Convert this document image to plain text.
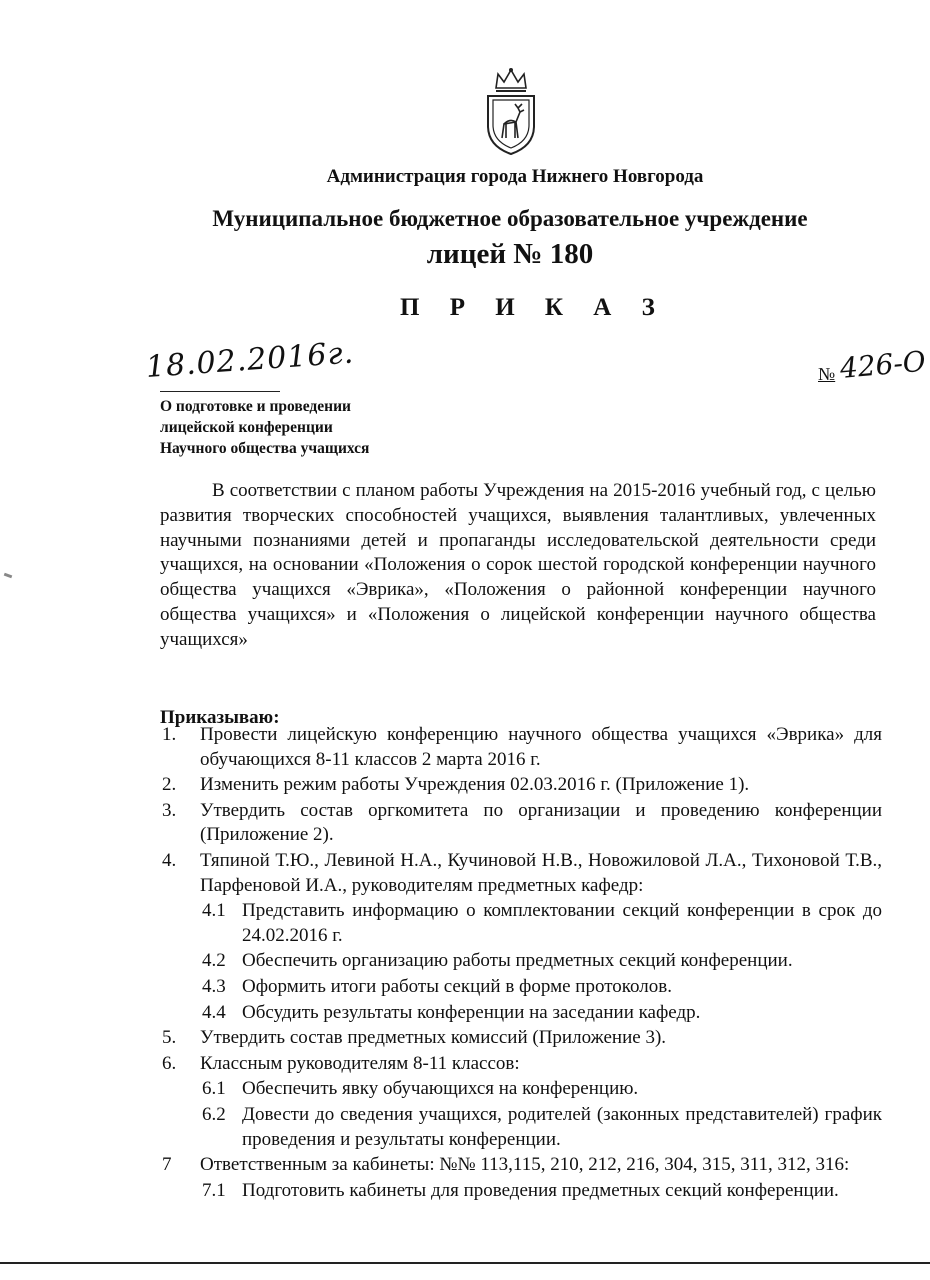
Администрация города Нижнего Новгорода
Муниципальное бюджетное образовательное учреждение
лицей № 180
П Р И К А З
18.02.2016г.	№ 426-О
О подготовке и проведении
лицейской конференции
Научного общества учащихся
В соответствии с планом работы Учреждения на 2015-2016 учебный год, с целью развития творческих способностей учащихся, выявления талантливых, увлеченных научными познаниями детей и пропаганды исследовательской деятельности среди учащихся, на основании «Положения о сорок шестой городской конференции научного общества учащихся «Эврика», «Положения о районной конференции научного общества учащихся» и «Положения о лицейской конференции научного общества учащихся»
Приказываю:
1. Провести лицейскую конференцию научного общества учащихся «Эврика» для обучающихся 8-11 классов 2 марта 2016 г.
2. Изменить режим работы Учреждения 02.03.2016 г. (Приложение 1).
3. Утвердить состав оргкомитета по организации и проведению конференции (Приложение 2).
4. Тяпиной Т.Ю., Левиной Н.А., Кучиновой Н.В., Новожиловой Л.А., Тихоновой Т.В., Парфеновой И.А., руководителям предметных кафедр:
4.1 Представить информацию о комплектовании секций конференции в срок до 24.02.2016 г.
4.2 Обеспечить организацию работы предметных секций конференции.
4.3 Оформить итоги работы секций в форме протоколов.
4.4 Обсудить результаты конференции на заседании кафедр.
5. Утвердить состав предметных комиссий (Приложение 3).
6. Классным руководителям 8-11 классов:
6.1 Обеспечить явку обучающихся на конференцию.
6.2 Довести до сведения учащихся, родителей (законных представителей) график проведения и результаты конференции.
7 Ответственным за кабинеты: №№ 113,115, 210, 212, 216, 304, 315, 311, 312, 316:
7.1 Подготовить кабинеты для проведения предметных секций конференции.
